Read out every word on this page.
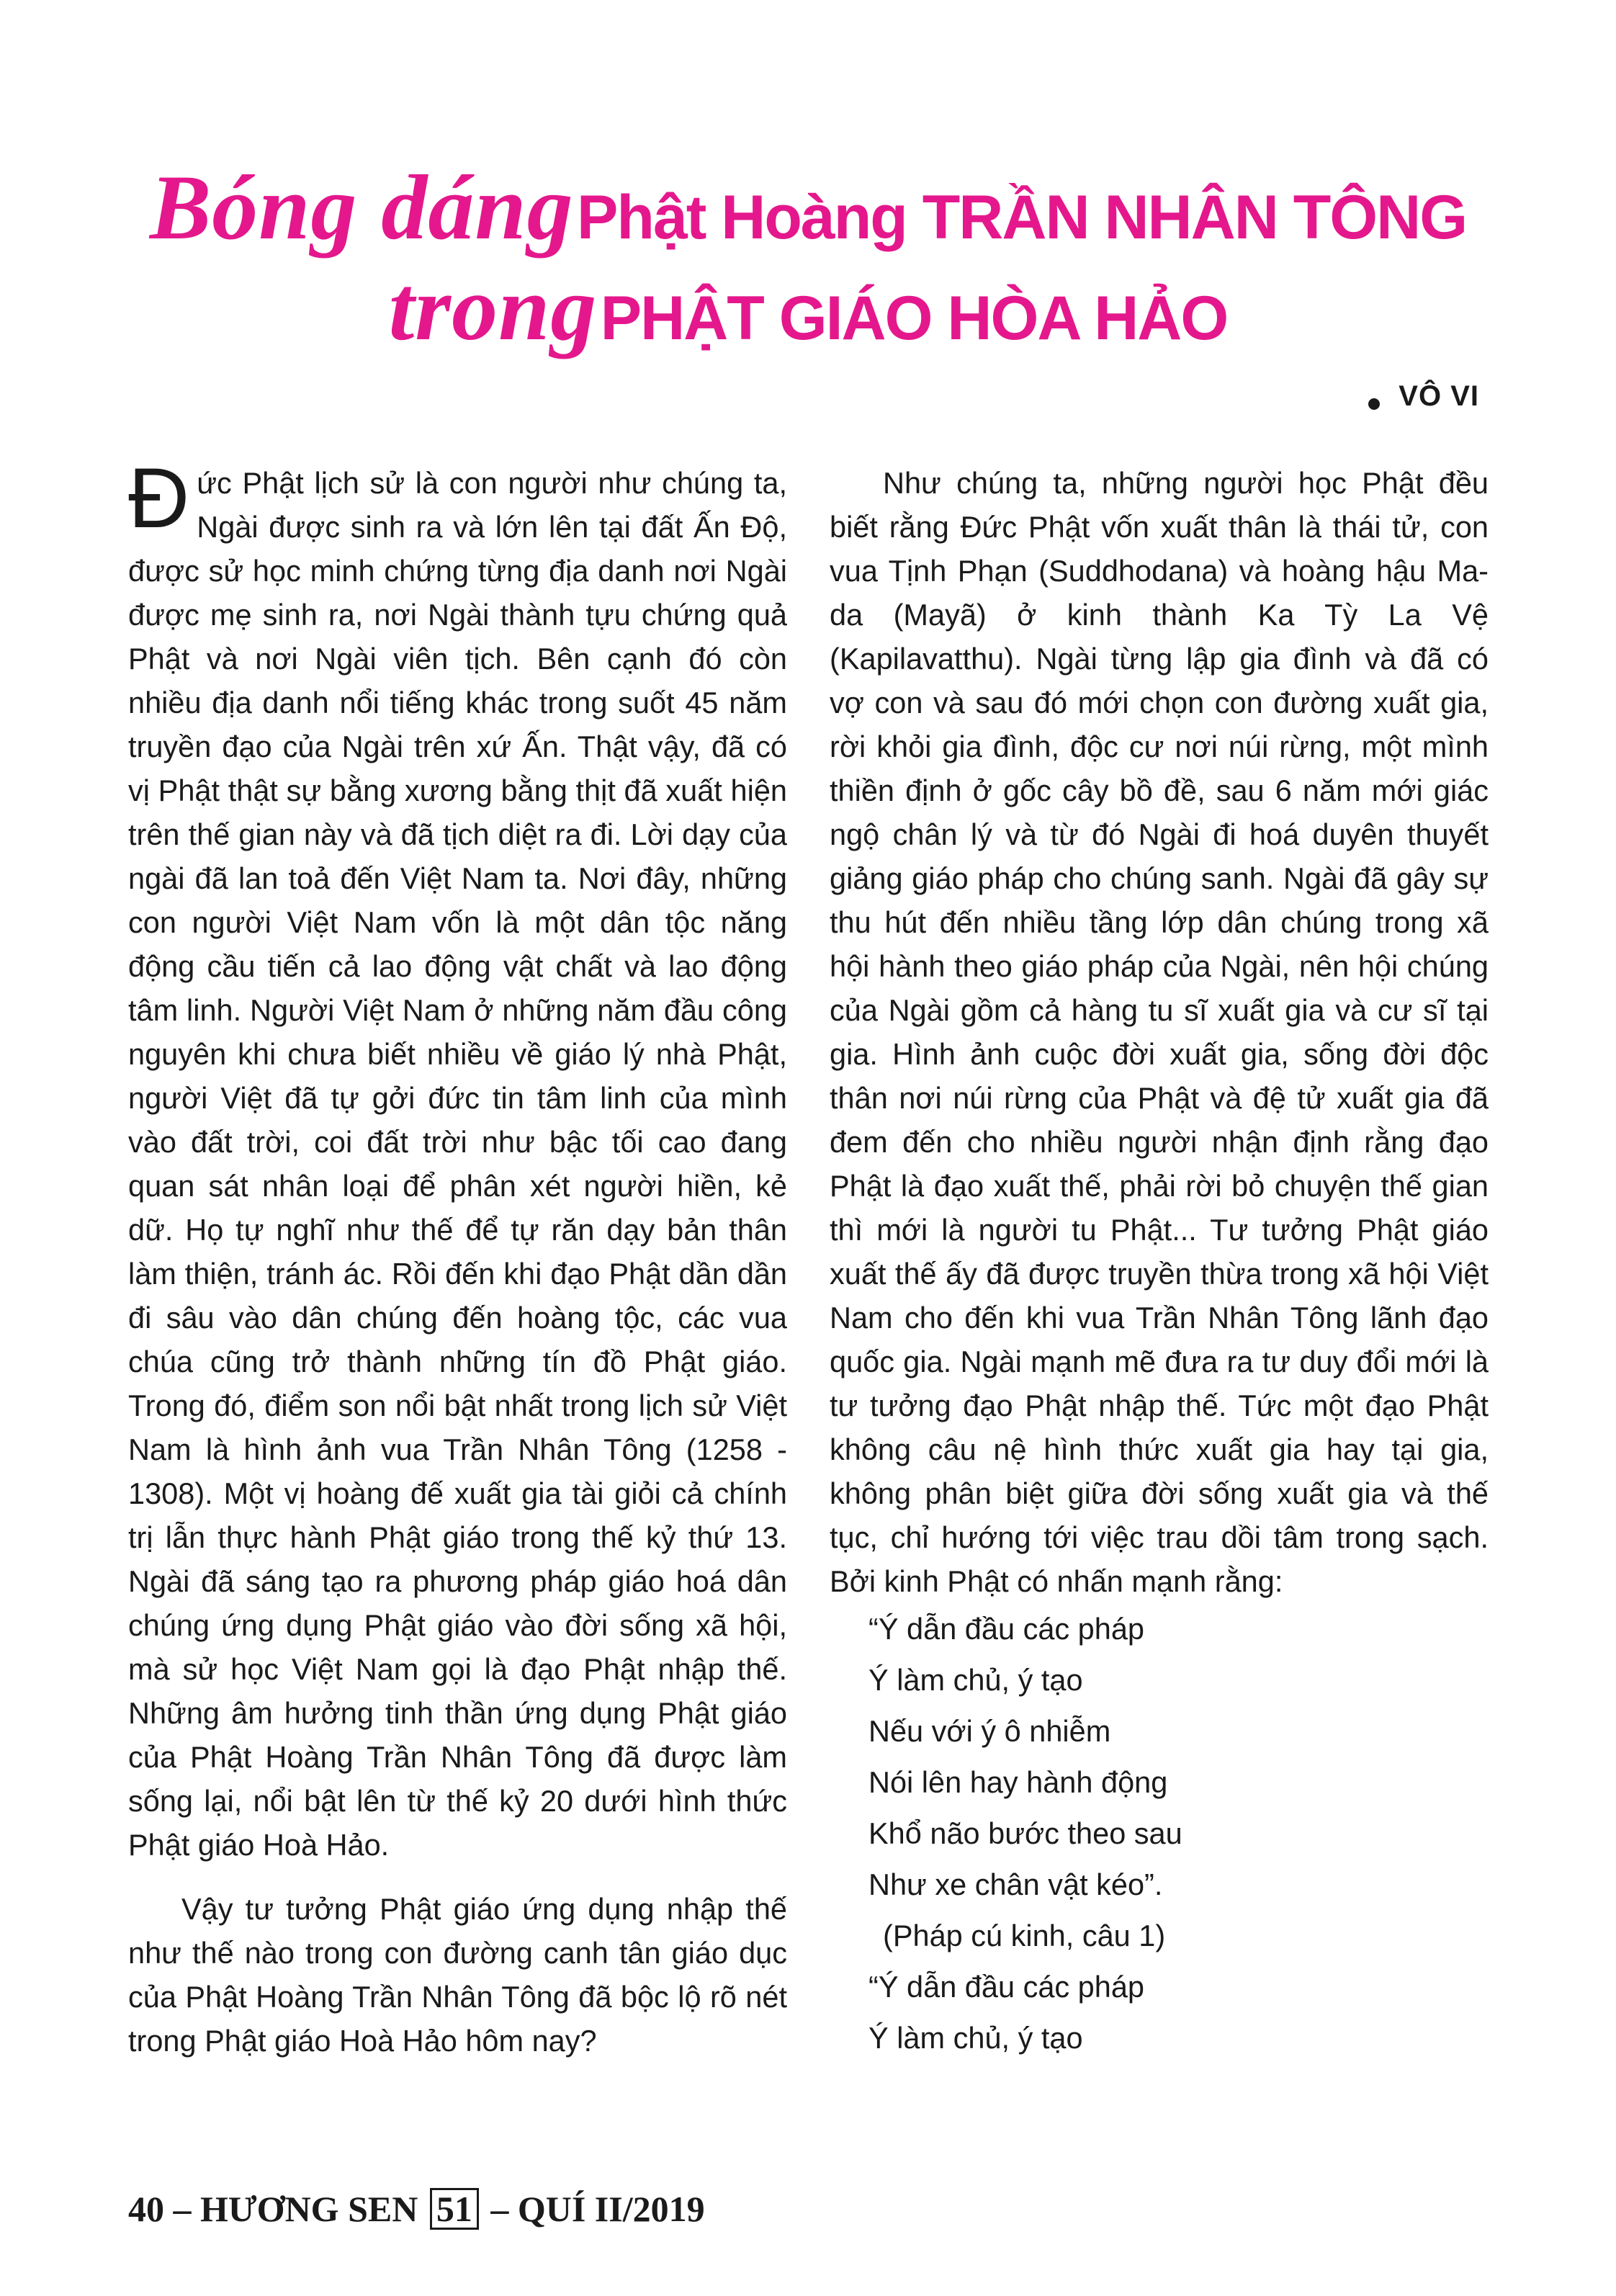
Bóng dáng Phật Hoàng TRẦN NHÂN TÔNG
trong PHẬT GIÁO HÒA HẢO
VÔ VI

Đức Phật lịch sử là con người như chúng ta, Ngài được sinh ra và lớn lên tại đất Ấn Độ, được sử học minh chứng từng địa danh nơi Ngài được mẹ sinh ra, nơi Ngài thành tựu chứng quả Phật và nơi Ngài viên tịch. Bên cạnh đó còn nhiều địa danh nổi tiếng khác trong suốt 45 năm truyền đạo của Ngài trên xứ Ấn. Thật vậy, đã có vị Phật thật sự bằng xương bằng thịt đã xuất hiện trên thế gian này và đã tịch diệt ra đi. Lời dạy của ngài đã lan toả đến Việt Nam ta. Nơi đây, những con người Việt Nam vốn là một dân tộc năng động cầu tiến cả lao động vật chất và lao động tâm linh. Người Việt Nam ở những năm đầu công nguyên khi chưa biết nhiều về giáo lý nhà Phật, người Việt đã tự gởi đức tin tâm linh của mình vào đất trời, coi đất trời như bậc tối cao đang quan sát nhân loại để phân xét người hiền, kẻ dữ. Họ tự nghĩ như thế để tự răn dạy bản thân làm thiện, tránh ác. Rồi đến khi đạo Phật dần dần đi sâu vào dân chúng đến hoàng tộc, các vua chúa cũng trở thành những tín đồ Phật giáo. Trong đó, điểm son nổi bật nhất trong lịch sử Việt Nam là hình ảnh vua Trần Nhân Tông (1258 - 1308). Một vị hoàng đế xuất gia tài giỏi cả chính trị lẫn thực hành Phật giáo trong thế kỷ thứ 13. Ngài đã sáng tạo ra phương pháp giáo hoá dân chúng ứng dụng Phật giáo vào đời sống xã hội, mà sử học Việt Nam gọi là đạo Phật nhập thế. Những âm hưởng tinh thần ứng dụng Phật giáo của Phật Hoàng Trần Nhân Tông đã được làm sống lại, nổi bật lên từ thế kỷ 20 dưới hình thức Phật giáo Hoà Hảo.

Vậy tư tưởng Phật giáo ứng dụng nhập thế như thế nào trong con đường canh tân giáo dục của Phật Hoàng Trần Nhân Tông đã bộc lộ rõ nét trong Phật giáo Hoà Hảo hôm nay?

Như chúng ta, những người học Phật đều biết rằng Đức Phật vốn xuất thân là thái tử, con vua Tịnh Phạn (Suddhodana) và hoàng hậu Ma-da (Mayã) ở kinh thành Ka Tỳ La Vệ (Kapilavatthu). Ngài từng lập gia đình và đã có vợ con và sau đó mới chọn con đường xuất gia, rời khỏi gia đình, độc cư nơi núi rừng, một mình thiền định ở gốc cây bồ đề, sau 6 năm mới giác ngộ chân lý và từ đó Ngài đi hoá duyên thuyết giảng giáo pháp cho chúng sanh. Ngài đã gây sự thu hút đến nhiều tầng lớp dân chúng trong xã hội hành theo giáo pháp của Ngài, nên hội chúng của Ngài gồm cả hàng tu sĩ xuất gia và cư sĩ tại gia. Hình ảnh cuộc đời xuất gia, sống đời độc thân nơi núi rừng của Phật và đệ tử xuất gia đã đem đến cho nhiều người nhận định rằng đạo Phật là đạo xuất thế, phải rời bỏ chuyện thế gian thì mới là người tu Phật... Tư tưởng Phật giáo xuất thế ấy đã được truyền thừa trong xã hội Việt Nam cho đến khi vua Trần Nhân Tông lãnh đạo quốc gia. Ngài mạnh mẽ đưa ra tư duy đổi mới là tư tưởng đạo Phật nhập thế. Tức một đạo Phật không câu nệ hình thức xuất gia hay tại gia, không phân biệt giữa đời sống xuất gia và thế tục, chỉ hướng tới việc trau dồi tâm trong sạch. Bởi kinh Phật có nhấn mạnh rằng:

“Ý dẫn đầu các pháp
Ý làm chủ, ý tạo
Nếu với ý ô nhiễm
Nói lên hay hành động
Khổ não bước theo sau
Như xe chân vật kéo”.

(Pháp cú kinh, câu 1)

“Ý dẫn đầu các pháp
Ý làm chủ, ý tạo
40 – HƯƠNG SEN 51 – QUÍ II/2019
